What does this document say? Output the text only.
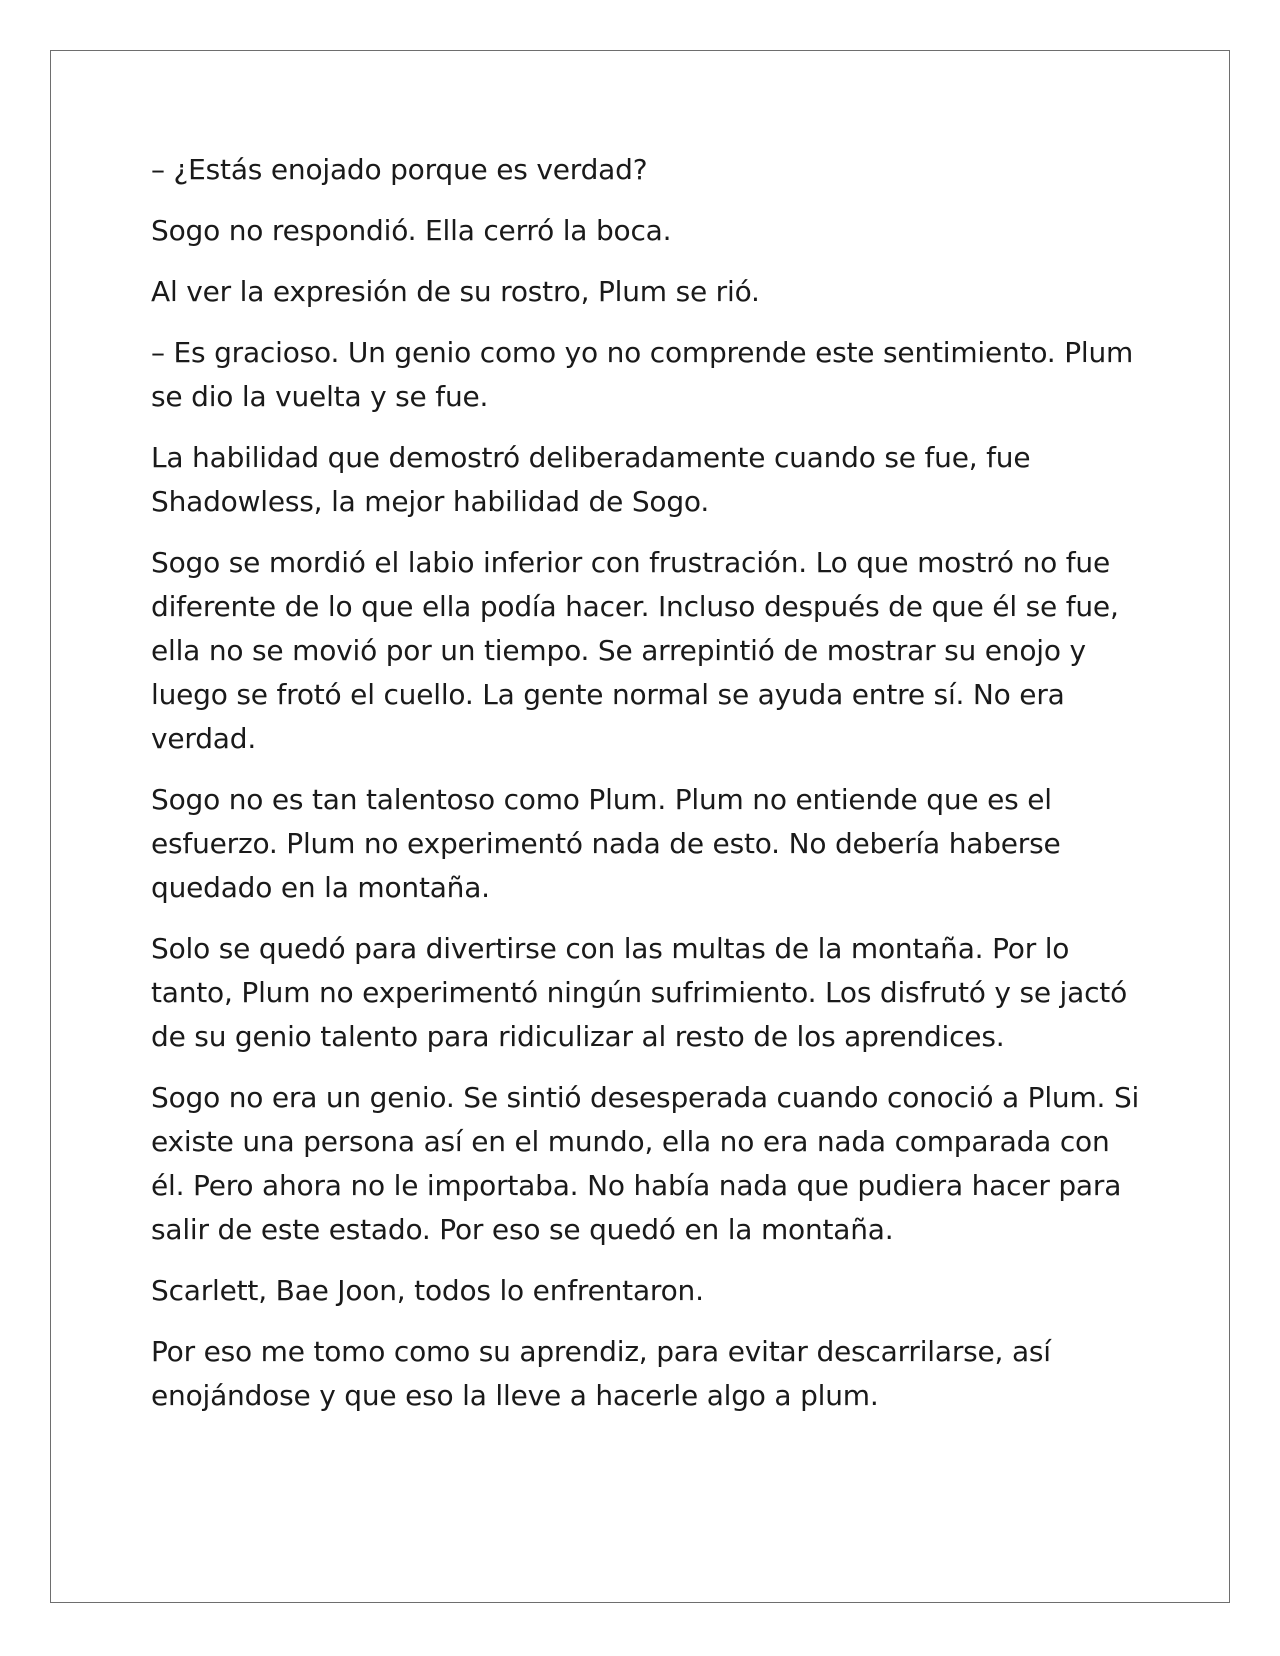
– ¿Estás enojado porque es verdad?

Sogo no respondió. Ella cerró la boca.

Al ver la expresión de su rostro, Plum se rió.

– Es gracioso. Un genio como yo no comprende este sentimiento. Plum se dio la vuelta y se fue.

La habilidad que demostró deliberadamente cuando se fue, fue Shadowless, la mejor habilidad de Sogo.

Sogo se mordió el labio inferior con frustración. Lo que mostró no fue diferente de lo que ella podía hacer. Incluso después de que él se fue, ella no se movió por un tiempo. Se arrepintió de mostrar su enojo y luego se frotó el cuello. La gente normal se ayuda entre sí. No era verdad.

Sogo no es tan talentoso como Plum. Plum no entiende que es el esfuerzo. Plum no experimentó nada de esto. No debería haberse quedado en la montaña.

Solo se quedó para divertirse con las multas de la montaña. Por lo tanto, Plum no experimentó ningún sufrimiento. Los disfrutó y se jactó de su genio talento para ridiculizar al resto de los aprendices.

Sogo no era un genio. Se sintió desesperada cuando conoció a Plum. Si existe una persona así en el mundo, ella no era nada comparada con él. Pero ahora no le importaba. No había nada que pudiera hacer para salir de este estado. Por eso se quedó en la montaña.

Scarlett, Bae Joon, todos lo enfrentaron.

Por eso me tomo como su aprendiz, para evitar descarrilarse, así enojándose y que eso la lleve a hacerle algo a plum.
